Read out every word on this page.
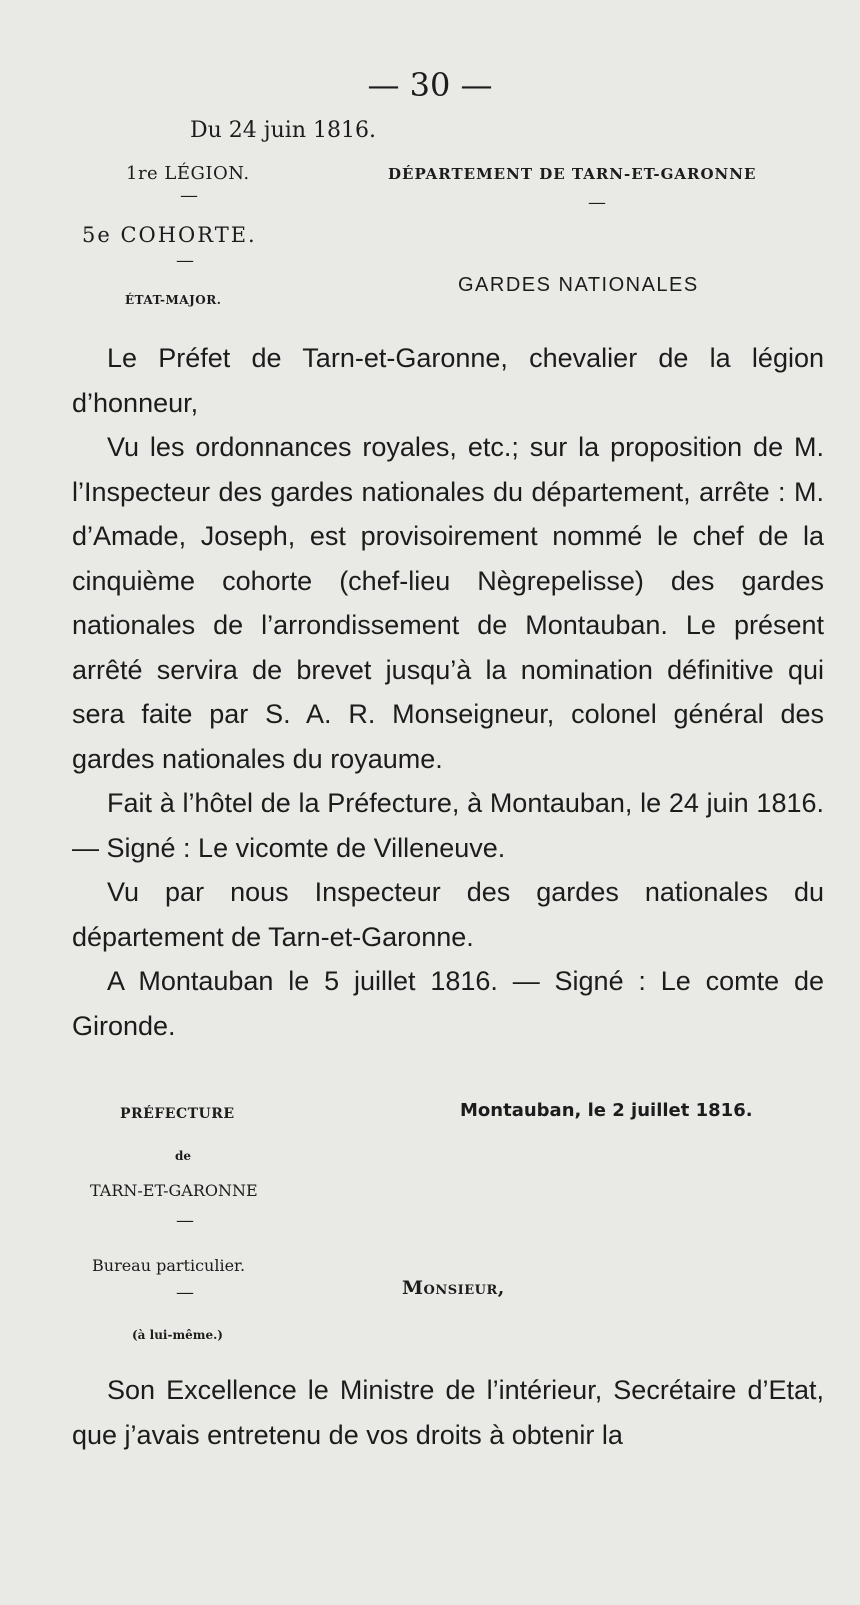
— 30 —
Du 24 juin 1816.
1re LÉGION.	DÉPARTEMENT DE TARN-ET-GARONNE
—	—
5e COHORTE.
—
ÉTAT-MAJOR.
GARDES NATIONALES

Le Préfet de Tarn-et-Garonne, chevalier de la légion d’honneur,

Vu les ordonnances royales, etc.; sur la proposition de M. l’Inspecteur des gardes nationales du département, arrête : M. d’Amade, Joseph, est provisoirement nommé le chef de la cinquième cohorte (chef-lieu Nègrepelisse) des gardes nationales de l’arrondissement de Montauban. Le présent arrêté servira de brevet jusqu’à la nomination définitive qui sera faite par S. A. R. Monseigneur, colonel général des gardes nationales du royaume.

Fait à l’hôtel de la Préfecture, à Montauban, le 24 juin 1816. — Signé : Le vicomte de Villeneuve.

Vu par nous Inspecteur des gardes nationales du département de Tarn-et-Garonne.

A Montauban le 5 juillet 1816. — Signé : Le comte de Gironde.

PRÉFECTURE
de
TARN-ET-GARONNE
—
Bureau particulier.
—
(à lui-même.)
Montauban, le 2 juillet 1816.
Monsieur,

Son Excellence le Ministre de l’intérieur, Secrétaire d’Etat, que j’avais entretenu de vos droits à obtenir la
